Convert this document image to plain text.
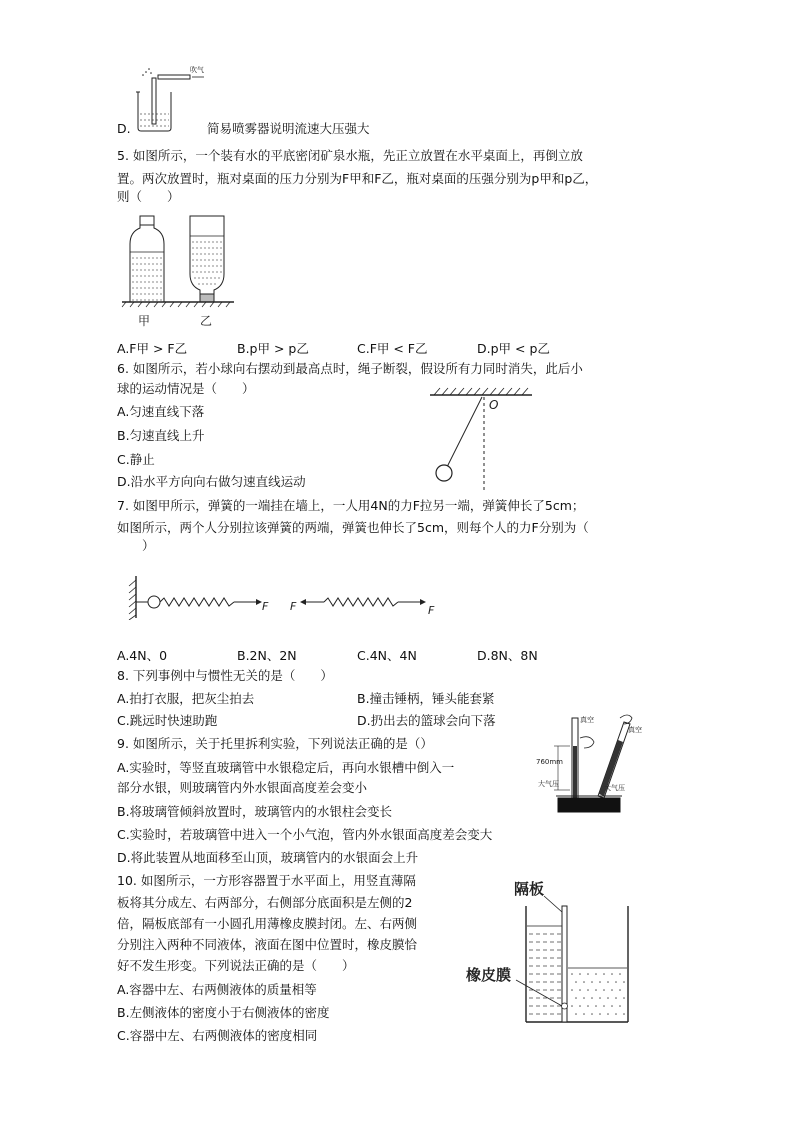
吹气
D.	简易喷雾器说明流速大压强大
5. 如图所示，一个装有水的平底密闭矿泉水瓶，先正立放置在水平桌面上，再倒立放
置。两次放置时，瓶对桌面的压力分别为F甲和F乙，瓶对桌面的压强分别为p甲和p乙，
则（　　）
甲	乙
A.F甲 > F乙	B.p甲 > p乙	C.F甲 < F乙	D.p甲 < p乙
6. 如图所示，若小球向右摆动到最高点时，绳子断裂，假设所有力同时消失，此后小
球的运动情况是（　　）
A.匀速直线下落
B.匀速直线上升
C.静止
D.沿水平方向向右做匀速直线运动
O
7. 如图甲所示，弹簧的一端挂在墙上，一人用4N的力F拉另一端，弹簧伸长了5cm；
如图所示，两个人分别拉该弹簧的两端，弹簧也伸长了5cm，则每个人的力F分别为（
　　）
F F	F
A.4N、0	B.2N、2N	C.4N、4N	D.8N、8N
8. 下列事例中与惯性无关的是（　　）
A.拍打衣服，把灰尘拍去	B.撞击锤柄，锤头能套紧
C.跳远时快速助跑	D.扔出去的篮球会向下落
9. 如图所示，关于托里拆利实验，下列说法正确的是（）
A.实验时，等竖直玻璃管中水银稳定后，再向水银槽中倒入一
部分水银，则玻璃管内外水银面高度差会变小
B.将玻璃管倾斜放置时，玻璃管内的水银柱会变长
C.实验时，若玻璃管中进入一个小气泡，管内外水银面高度差会变大
D.将此装置从地面移至山顶，玻璃管内的水银面会上升
真空
760mm
大气压
真空
大气压
10. 如图所示，一方形容器置于水平面上，用竖直薄隔
板将其分成左、右两部分，右侧部分底面积是左侧的2
倍，隔板底部有一小圆孔用薄橡皮膜封闭。左、右两侧
分别注入两种不同液体，液面在图中位置时，橡皮膜恰
好不发生形变。下列说法正确的是（　　）
A.容器中左、右两侧液体的质量相等
B.左侧液体的密度小于右侧液体的密度
C.容器中左、右两侧液体的密度相同
隔板
橡皮膜
